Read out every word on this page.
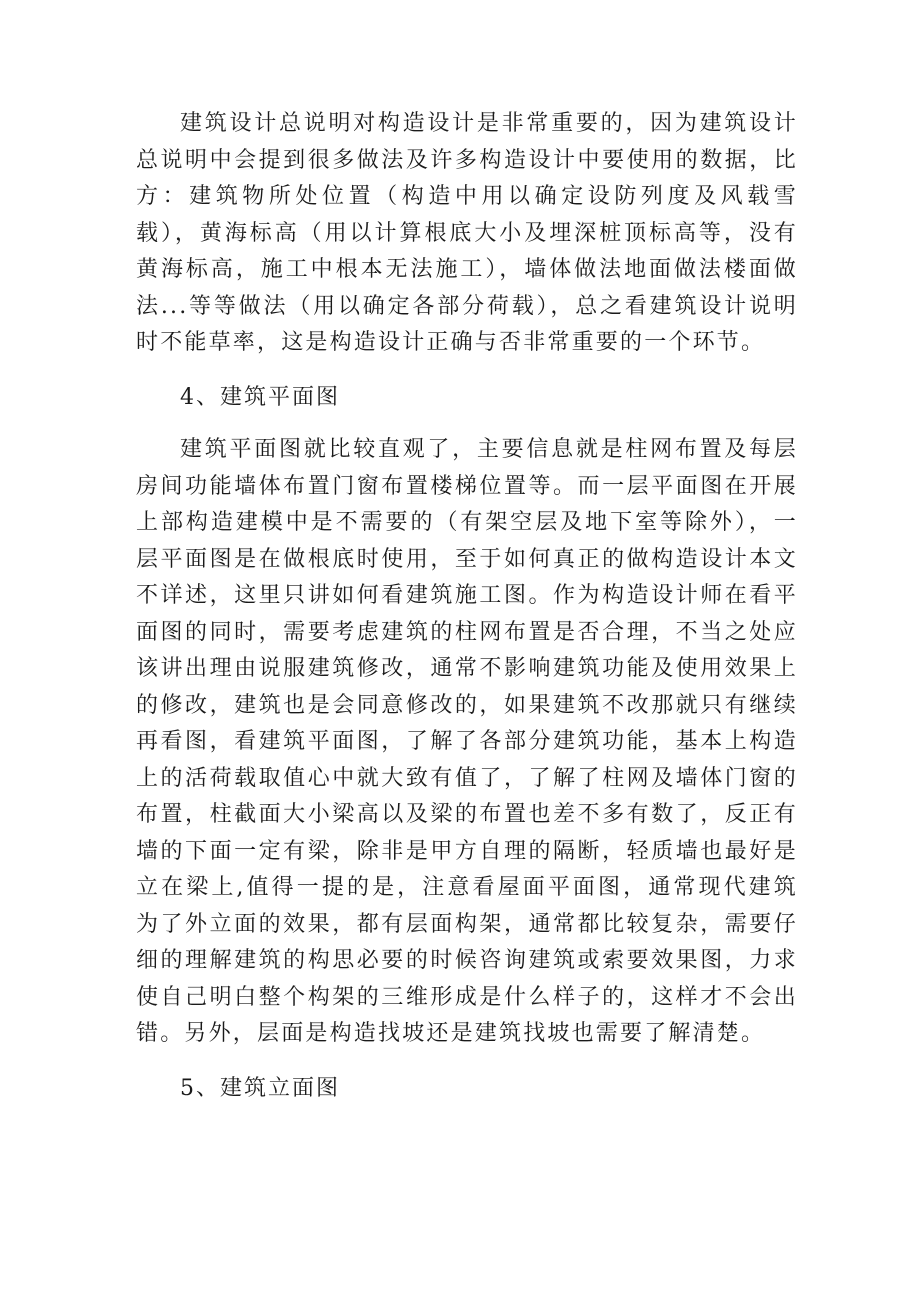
建筑设计总说明对构造设计是非常重要的，因为建筑设计总说明中会提到很多做法及许多构造设计中要使用的数据，比方：建筑物所处位置（构造中用以确定设防列度及风载雪载），黄海标高（用以计算根底大小及埋深桩顶标高等，没有黄海标高，施工中根本无法施工），墙体做法地面做法楼面做法...等等做法（用以确定各部分荷载），总之看建筑设计说明时不能草率，这是构造设计正确与否非常重要的一个环节。

4、建筑平面图

建筑平面图就比较直观了，主要信息就是柱网布置及每层房间功能墙体布置门窗布置楼梯位置等。而一层平面图在开展上部构造建模中是不需要的（有架空层及地下室等除外），一层平面图是在做根底时使用，至于如何真正的做构造设计本文不详述，这里只讲如何看建筑施工图。作为构造设计师在看平面图的同时，需要考虑建筑的柱网布置是否合理，不当之处应该讲出理由说服建筑修改，通常不影响建筑功能及使用效果上的修改，建筑也是会同意修改的，如果建筑不改那就只有继续再看图，看建筑平面图，了解了各部分建筑功能，基本上构造上的活荷载取值心中就大致有值了，了解了柱网及墙体门窗的布置，柱截面大小梁高以及梁的布置也差不多有数了，反正有墙的下面一定有梁，除非是甲方自理的隔断，轻质墙也最好是立在梁上,值得一提的是，注意看屋面平面图，通常现代建筑为了外立面的效果，都有层面构架，通常都比较复杂，需要仔细的理解建筑的构思必要的时候咨询建筑或索要效果图，力求使自己明白整个构架的三维形成是什么样子的，这样才不会出错。另外，层面是构造找坡还是建筑找坡也需要了解清楚。

5、建筑立面图
